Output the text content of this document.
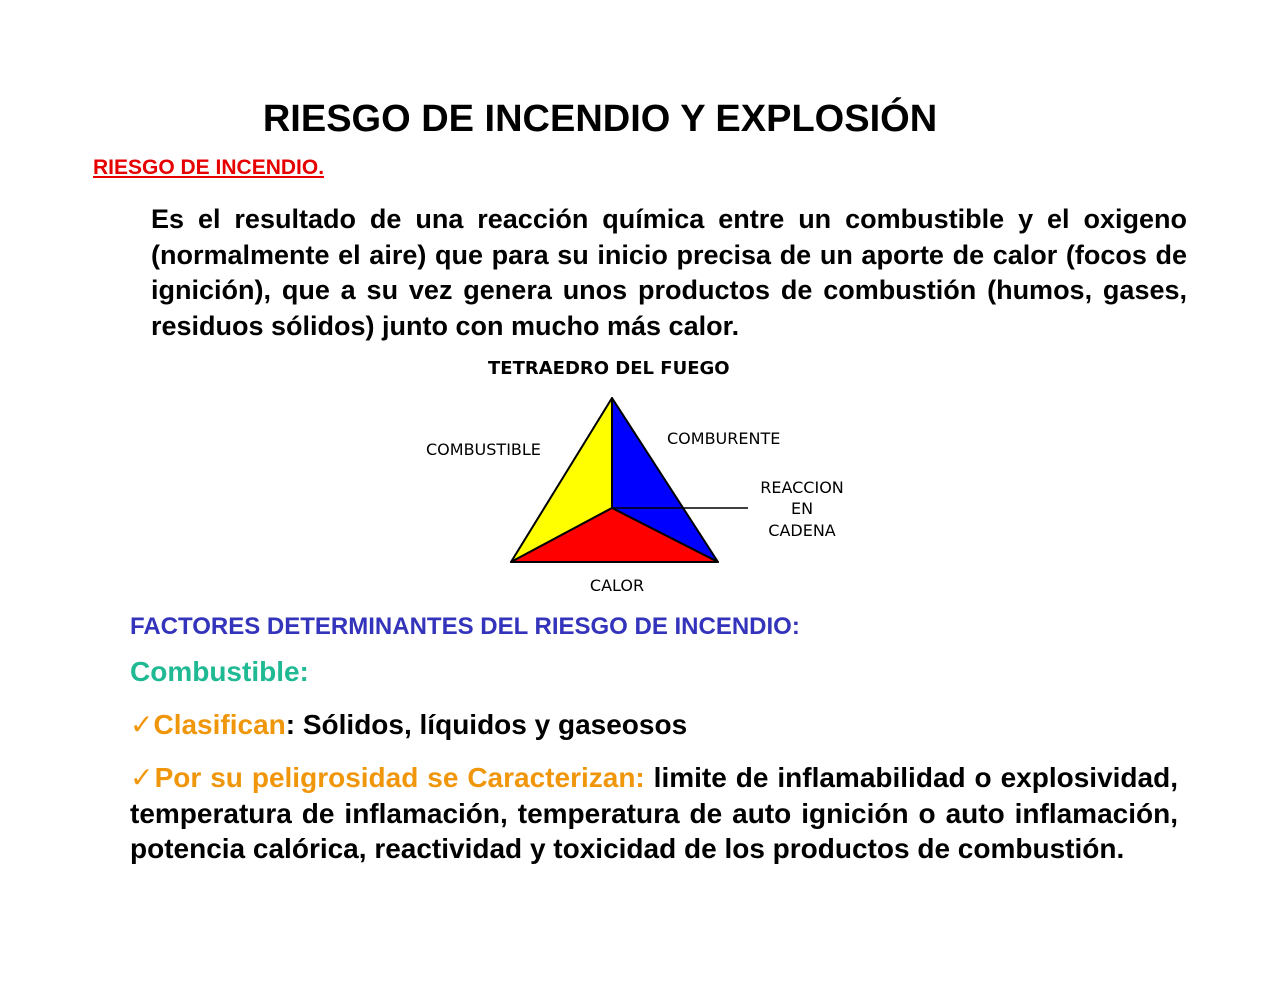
RIESGO DE INCENDIO Y EXPLOSIÓN
RIESGO DE INCENDIO.

Es el resultado de una reacción química entre un combustible y el oxigeno (normalmente el aire) que para su inicio precisa de un aporte de calor (focos de ignición), que a su vez genera unos productos de combustión (humos, gases, residuos sólidos) junto con mucho más calor.

TETRAEDRO DEL FUEGO
COMBUSTIBLE
COMBURENTE
REACCION
EN
CADENA
CALOR
FACTORES DETERMINANTES DEL RIESGO DE INCENDIO:
Combustible:

✓Clasifican: Sólidos, líquidos y gaseosos

✓Por su peligrosidad se Caracterizan: limite de inflamabilidad o explosividad, temperatura de inflamación, temperatura de auto ignición o auto inflamación, potencia calórica, reactividad y toxicidad de los productos de combustión.
